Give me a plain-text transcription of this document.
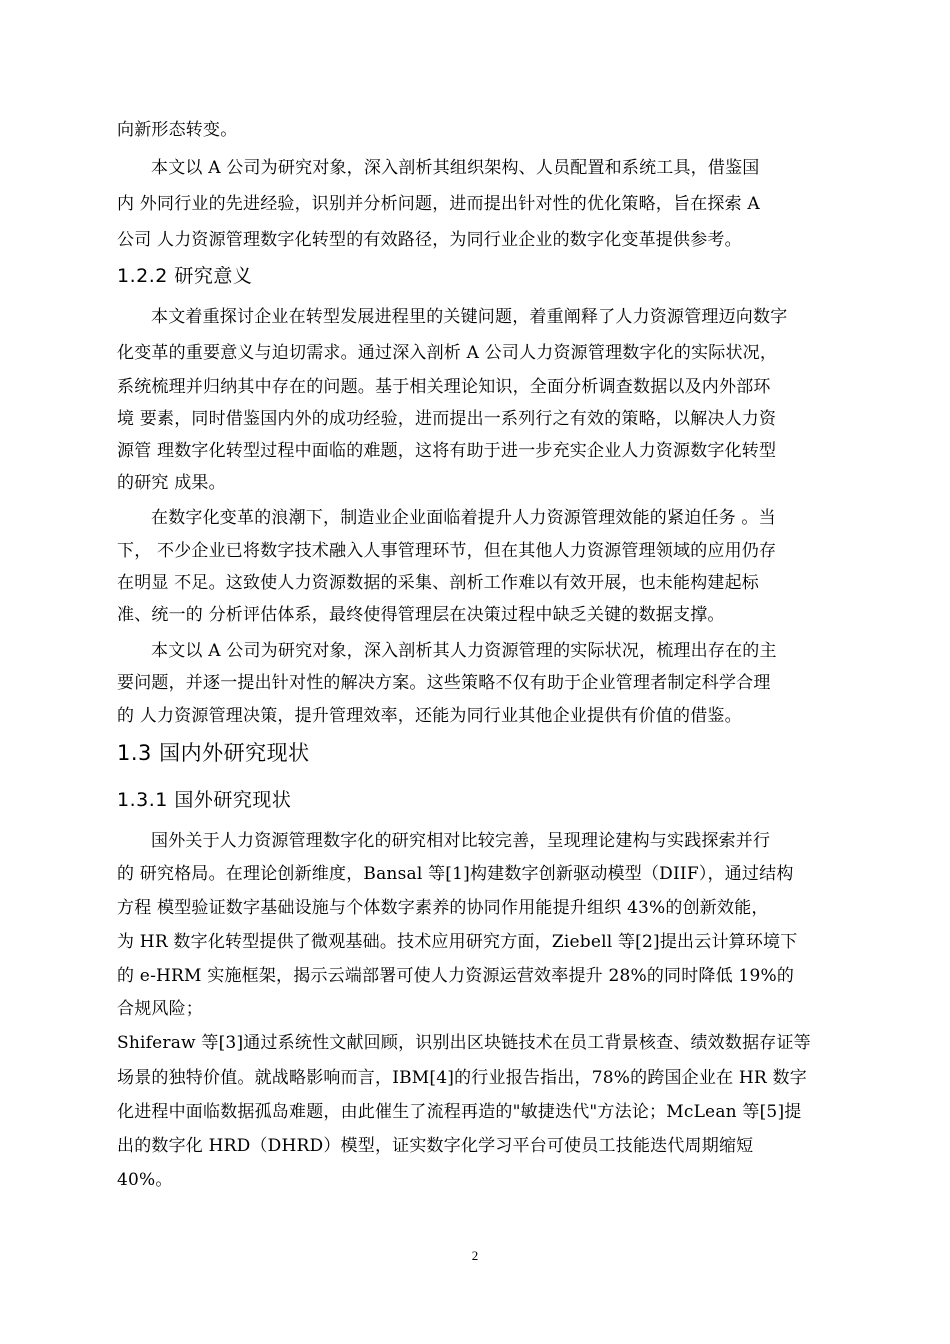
向新形态转变。
本文以 A 公司为研究对象，深入剖析其组织架构、人员配置和系统工具，借鉴国
内 外同行业的先进经验，识别并分析问题，进而提出针对性的优化策略，旨在探索 A
公司 人力资源管理数字化转型的有效路径，为同行业企业的数字化变革提供参考。
1.2.2 研究意义
本文着重探讨企业在转型发展进程里的关键问题，着重阐释了人力资源管理迈向数字
化变革的重要意义与迫切需求。通过深入剖析 A 公司人力资源管理数字化的实际状况，
系统梳理并归纳其中存在的问题。基于相关理论知识，全面分析调查数据以及内外部环
境 要素，同时借鉴国内外的成功经验，进而提出一系列行之有效的策略，以解决人力资
源管 理数字化转型过程中面临的难题，这将有助于进一步充实企业人力资源数字化转型
的研究 成果。
在数字化变革的浪潮下，制造业企业面临着提升人力资源管理效能的紧迫任务 。当
下， 不少企业已将数字技术融入人事管理环节，但在其他人力资源管理领域的应用仍存
在明显 不足。这致使人力资源数据的采集、剖析工作难以有效开展，也未能构建起标
准、统一的 分析评估体系，最终使得管理层在决策过程中缺乏关键的数据支撑。
本文以 A 公司为研究对象，深入剖析其人力资源管理的实际状况，梳理出存在的主
要问题，并逐一提出针对性的解决方案。这些策略不仅有助于企业管理者制定科学合理
的 人力资源管理决策，提升管理效率，还能为同行业其他企业提供有价值的借鉴。
1.3 国内外研究现状
1.3.1 国外研究现状
国外关于人力资源管理数字化的研究相对比较完善，呈现理论建构与实践探索并行
的 研究格局。在理论创新维度，Bansal 等[1]构建数字创新驱动模型（DIIF），通过结构
方程 模型验证数字基础设施与个体数字素养的协同作用能提升组织 43%的创新效能，
为 HR 数字化转型提供了微观基础。技术应用研究方面，Ziebell 等[2]提出云计算环境下
的 e-HRM 实施框架，揭示云端部署可使人力资源运营效率提升 28%的同时降低 19%的
合规风险；
Shiferaw 等[3]通过系统性文献回顾，识别出区块链技术在员工背景核查、绩效数据存证等
场景的独特价值。就战略影响而言，IBM[4]的行业报告指出，78%的跨国企业在 HR 数字
化进程中面临数据孤岛难题，由此催生了流程再造的"敏捷迭代"方法论；McLean 等[5]提
出的数字化 HRD（DHRD）模型，证实数字化学习平台可使员工技能迭代周期缩短
40%。
2
